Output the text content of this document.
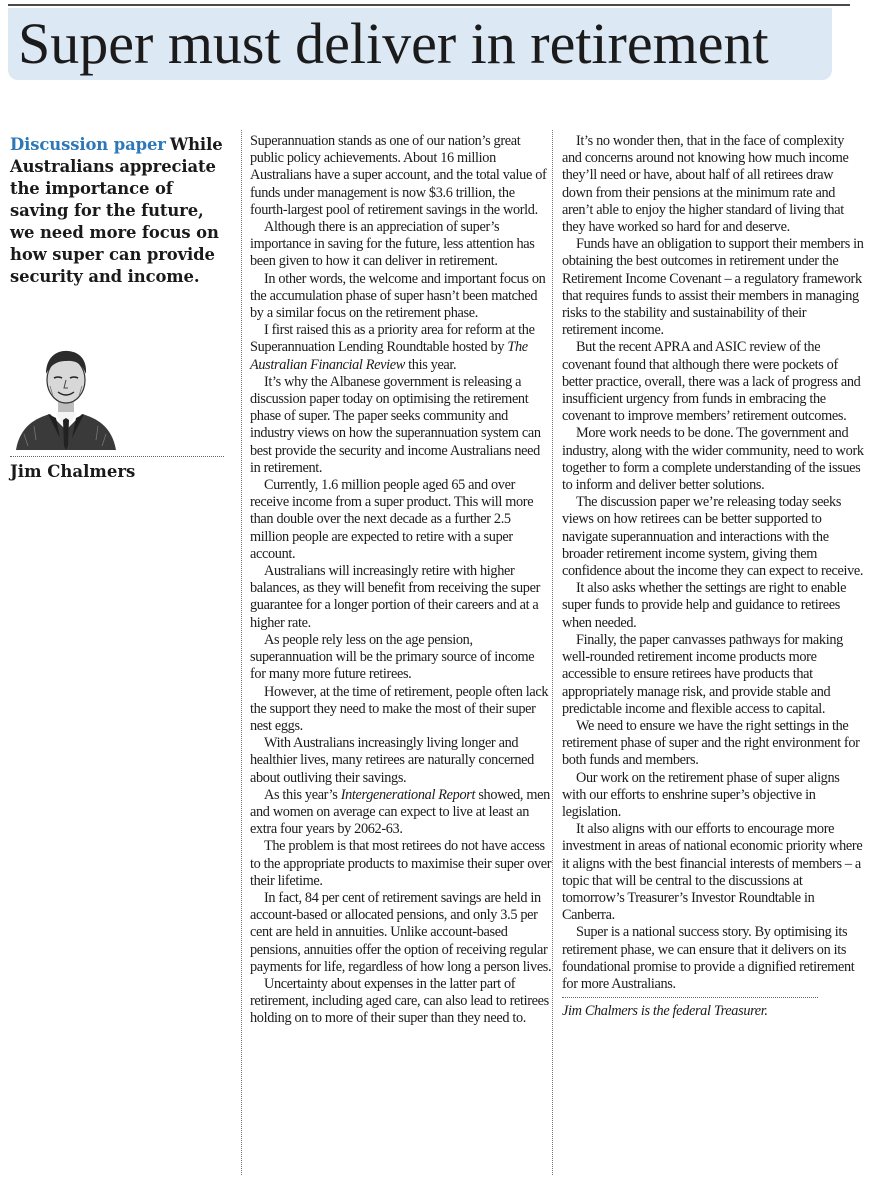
Super must deliver in retirement
Discussion paper While Australians appreciate the importance of saving for the future, we need more focus on how super can provide security and income.
Jim Chalmers

Superannuation stands as one of our nation’s great public policy achievements. About 16 million Australians have a super account, and the total value of funds under management is now $3.6 trillion, the fourth-largest pool of retirement savings in the world.

Although there is an appreciation of super’s importance in saving for the future, less attention has been given to how it can deliver in retirement.

In other words, the welcome and important focus on the accumulation phase of super hasn’t been matched by a similar focus on the retirement phase.

I first raised this as a priority area for reform at the Superannuation Lending Roundtable hosted by The Australian Financial Review this year.

It’s why the Albanese government is releasing a discussion paper today on optimising the retirement phase of super. The paper seeks community and industry views on how the superannuation system can best provide the security and income Australians need in retirement.

Currently, 1.6 million people aged 65 and over receive income from a super product. This will more than double over the next decade as a further 2.5 million people are expected to retire with a super account.

Australians will increasingly retire with higher balances, as they will benefit from receiving the super guarantee for a longer portion of their careers and at a higher rate.

As people rely less on the age pension, superannuation will be the primary source of income for many more future retirees.

However, at the time of retirement, people often lack the support they need to make the most of their super nest eggs.

With Australians increasingly living longer and healthier lives, many retirees are naturally concerned about outliving their savings.

As this year’s Intergenerational Report showed, men and women on average can expect to live at least an extra four years by 2062-63.

The problem is that most retirees do not have access to the appropriate products to maximise their super over their lifetime.

In fact, 84 per cent of retirement savings are held in account-based or allocated pensions, and only 3.5 per cent are held in annuities. Unlike account-based pensions, annuities offer the option of receiving regular payments for life, regardless of how long a person lives.

Uncertainty about expenses in the latter part of retirement, including aged care, can also lead to retirees holding on to more of their super than they need to.

It’s no wonder then, that in the face of complexity and concerns around not knowing how much income they’ll need or have, about half of all retirees draw down from their pensions at the minimum rate and aren’t able to enjoy the higher standard of living that they have worked so hard for and deserve.

Funds have an obligation to support their members in obtaining the best outcomes in retirement under the Retirement Income Covenant – a regulatory framework that requires funds to assist their members in managing risks to the stability and sustainability of their retirement income.

But the recent APRA and ASIC review of the covenant found that although there were pockets of better practice, overall, there was a lack of progress and insufficient urgency from funds in embracing the covenant to improve members’ retirement outcomes.

More work needs to be done. The government and industry, along with the wider community, need to work together to form a complete understanding of the issues to inform and deliver better solutions.

The discussion paper we’re releasing today seeks views on how retirees can be better supported to navigate superannuation and interactions with the broader retirement income system, giving them confidence about the income they can expect to receive.

It also asks whether the settings are right to enable super funds to provide help and guidance to retirees when needed.

Finally, the paper canvasses pathways for making well-rounded retirement income products more accessible to ensure retirees have products that appropriately manage risk, and provide stable and predictable income and flexible access to capital.

We need to ensure we have the right settings in the retirement phase of super and the right environment for both funds and members.

Our work on the retirement phase of super aligns with our efforts to enshrine super’s objective in legislation.

It also aligns with our efforts to encourage more investment in areas of national economic priority where it aligns with the best financial interests of members – a topic that will be central to the discussions at tomorrow’s Treasurer’s Investor Roundtable in Canberra.

Super is a national success story. By optimising its retirement phase, we can ensure that it delivers on its foundational promise to provide a dignified retirement for more Australians.

Jim Chalmers is the federal Treasurer.
